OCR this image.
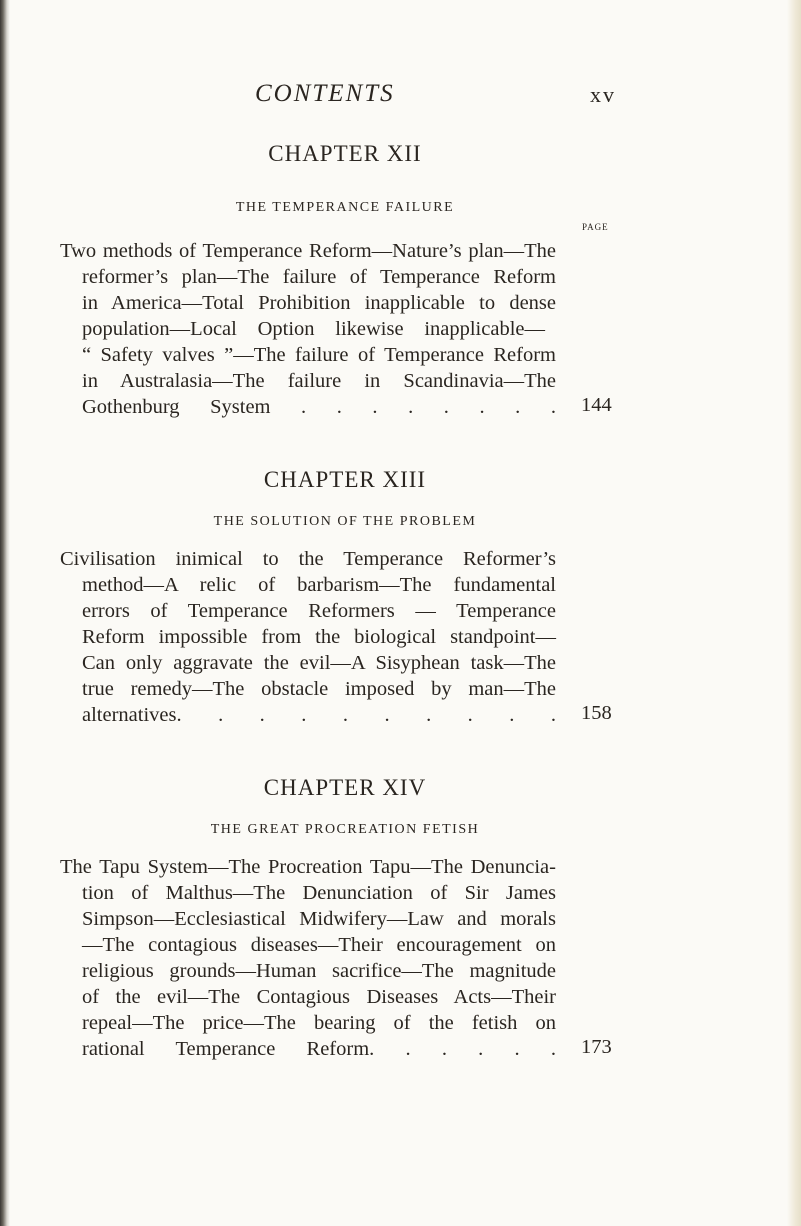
CONTENTS	xv
CHAPTER XII
THE TEMPERANCE FAILURE
PAGE
Two methods of Temperance Reform—Nature’s plan—The
reformer’s plan—The failure of Temperance Reform
in America—Total Prohibition inapplicable to dense
population—Local Option likewise inapplicable—
“ Safety valves ”—The failure of Temperance Reform
in Australasia—The failure in Scandinavia—The
Gothenburg System . . . . . . . . 144
CHAPTER XIII
THE SOLUTION OF THE PROBLEM
Civilisation inimical to the Temperance Reformer’s
method—A relic of barbarism—The fundamental
errors of Temperance Reformers — Temperance
Reform impossible from the biological standpoint—
Can only aggravate the evil—A Sisyphean task—The
true remedy—The obstacle imposed by man—The
alternatives. . . . . . . . . . 158
CHAPTER XIV
THE GREAT PROCREATION FETISH
The Tapu System—The Procreation Tapu—The Denuncia-
tion of Malthus—The Denunciation of Sir James
Simpson—Ecclesiastical Midwifery—Law and morals
—The contagious diseases—Their encouragement on
religious grounds—Human sacrifice—The magnitude
of the evil—The Contagious Diseases Acts—Their
repeal—The price—The bearing of the fetish on
rational Temperance Reform. . . . . . 173
